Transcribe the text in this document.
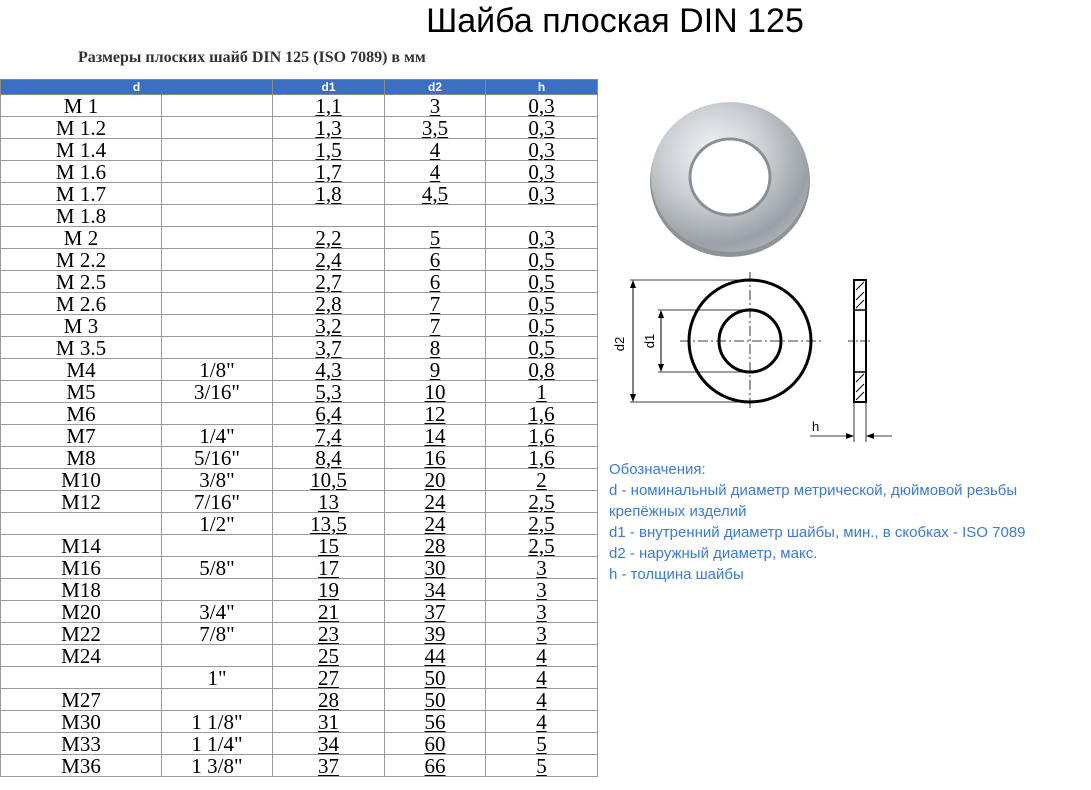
Шайба плоская DIN 125
Размеры плоских шайб DIN 125 (ISO 7089) в мм
d		d1	d2	h
M 1		1,1	3	0,3
M 1.2		1,3	3,5	0,3
M 1.4		1,5	4	0,3
M 1.6		1,7	4	0,3
M 1.7		1,8	4,5	0,3
M 1.8				
M 2		2,2	5	0,3
M 2.2		2,4	6	0,5
M 2.5		2,7	6	0,5
M 2.6		2,8	7	0,5
M 3		3,2	7	0,5
M 3.5		3,7	8	0,5
M4	1/8"	4,3	9	0,8
M5	3/16"	5,3	10	1
M6		6,4	12	1,6
M7	1/4"	7,4	14	1,6
M8	5/16"	8,4	16	1,6
M10	3/8"	10,5	20	2
M12	7/16"	13	24	2,5
	1/2"	13,5	24	2,5
M14		15	28	2,5
M16	5/8"	17	30	3
M18		19	34	3
M20	3/4"	21	37	3
M22	7/8"	23	39	3
M24		25	44	4
	1"	27	50	4
M27		28	50	4
M30	1 1/8"	31	56	4
M33	1 1/4"	34	60	5
M36	1 3/8"	37	66	5
d2 d1
h
Обозначения:
d - номинальный диаметр метрической, дюймовой резьбы
крепёжных изделий
d1 - внутренний диаметр шайбы, мин., в скобках - ISO 7089
d2 - наружный диаметр, макс.
h - толщина шайбы
